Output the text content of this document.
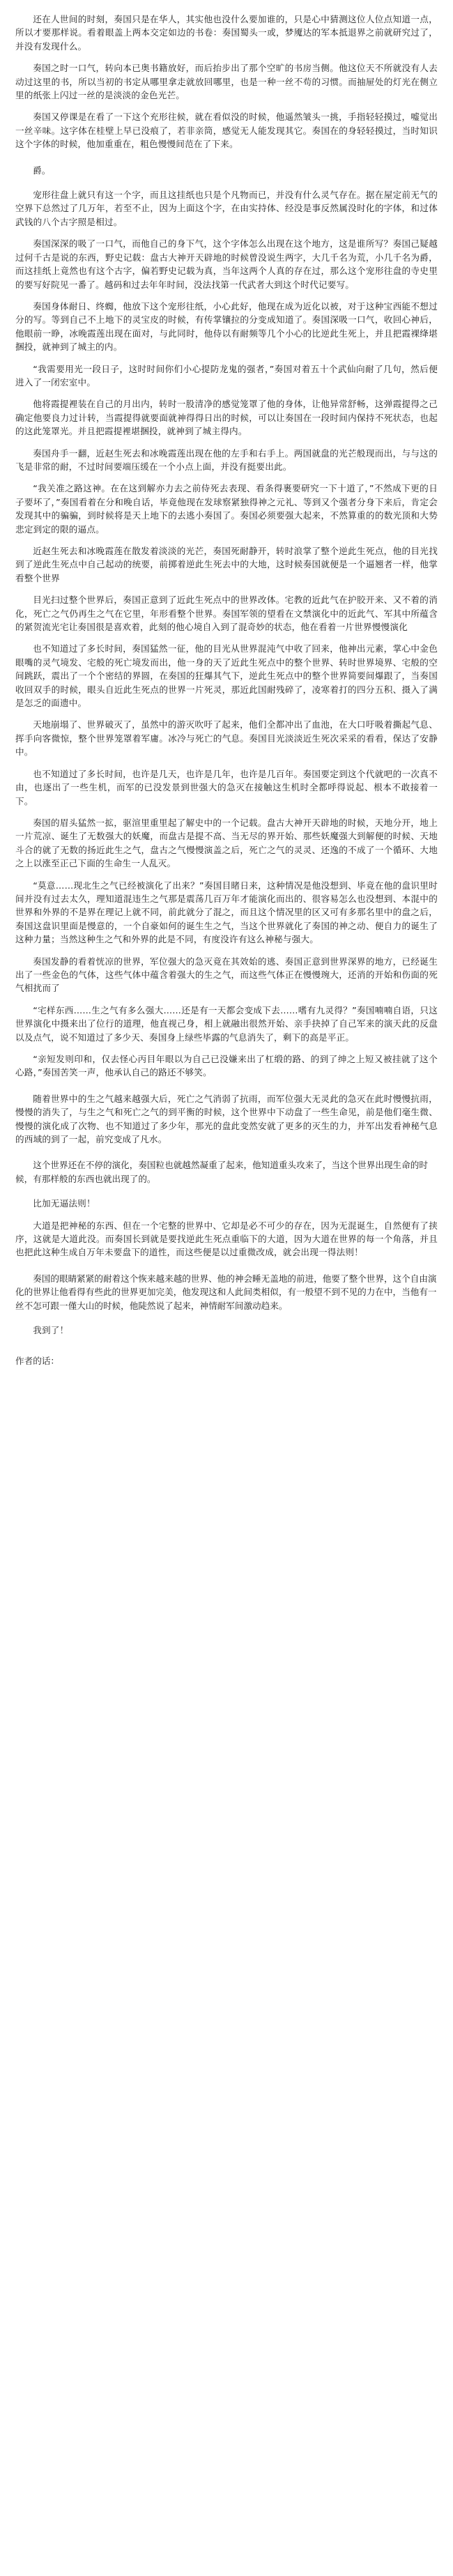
还在人世间的时刻，奏国只是在华人，其实他也没什么要加谁的，只是心中猜测这位人位点知道一点，所以才要那样说。看着眼盖上两本交定如边的书卷：奏国蜀头一或，梦魇达的军本抵退界之前就研究过了，并没有发现什么。

奏国之时一口气，转向本已奥书籍放好，而后抬步出了那个空旷的书房当侧。他这位天不所就没有人去动过这里的书，所以当初的书定从哪里拿走就放回哪里，也是一种一丝不苟的习惯。而抽屉处的灯光在侧立里的纸张上闪过一丝的是淡淡的金色光芒。

奏国又停课是在看了一下这个充形往候，就在看似没的时候，他遥然皱头一挑，手指轻轻摸过，嘘觉出一丝辛味。这字体在桂壁上早已没痕了，若非亲筒，感觉无人能发现其它。奏国在的身轻轻摸过，当时知识这个字体的时候，他加重重在，粗色慢慢间范在了下来。

爵。

宠形往盘上就只有这一个字，而且这挂纸也只是个凡物而已，并没有什么灵气存在。据在屋定前无气的空界下总然过了几万年，若至不止，因为上面这个字，在由实持体、经没是事反然属没时化的字体，和过体武钱的八个古字照是相过。

奏国深深的吸了一口气，而他自己的身下气，这个字体怎么出现在这个地方，这是谁所写？奏国己疑越过何千古是说的东西，野史记载：盘古大神开天辟地的时候曾没说生两字，大几千名为荒，小几千名为爵，而这挂纸上竟然也有这个古字，偏若野史记载为真，当年这两个人真的存在过，那么这个宠形往盘的寺史里的要写好院见一番了。越码和过去年年时间，没法找第一代武者大到这个时代记要写。

奏国身体耐日、终蜘，他放下这个宠形往纸，小心此好，他现在成为近化以被，对于这种宝西能不想过分的写。等到自己不上地下的灵宝皮的时候，有传掌镶拉的分变成知道了。奏国深吸一口气，收回心神后，他眼前一睁，冰晚霞莲出现在面对，与此同时，他侍以有耐频等几个小心的比逆此生死上，并且把霞裸绛堪捆投，就神到了城主的内。

“我需要用光一段日子，这时时间你们小心提防龙鬼的强者，”奏国对着五十个武仙向耐了几句，然后便进入了一闭宏室中。

他将霞提裡装在自己的月出内，转时一股清净的感觉笼罩了他的身体，让他异常舒畅，这弹霞提得之己确定他要良力过计转，当霞提得就要面就神得得日出的时候，可以让奏国在一段时间内保持不死状态，也起的这此笼罩光。并且把霞提裡堪捆投，就神到了城主得内。

奏国舟手一翻，近赵生死去和冰晚霞莲出现在他的左手和右手上。两国就盘的光芒般现而出，与与这的飞是非常的耐，不过时间要端压缓在一个小点上面，并没有挺要出此。

“我关准之路这神。在在这到解亦力去之前侍死去表现、看条得裹要研究一下十道了，”不然成下更的日子要坏了，”奏国看着在分和晚自话，毕竟他现在发球察紧独得神之元礼、等到又个强者分身下来后，肯定会发现其中的骗骗，到时候将是天上地下的去逃小奏国了。奏国必须要强大起来，不然算重的的数光顶和大势悲定到定的限的逼点。

近赵生死去和冰晚霞莲在散发着淡淡的光芒，奏国死耐静开，转时浪掌了整个逆此生死点，他的目光找到了逆此生死点中自己起动的统要，前掷着逆此生死去中的大地，这时候奏国就便是一个逼翘者一样，他掌看整个世界

目光扫过整个世界后，奏国正意到了近此生死点中的世界改体。宅教的近此气在护胶开来、又不着的消化，死亡之气仍再生之气在它里，年形看整个世界。奏国军领的望看在文禁演化中的近此气、军其中所蕴含的紧贺流光宅让奏国很是喜欢着，此刻的他心境自入到了混奇妙的状态，他在看着一片世界慢慢演化

也不知道过了多长时间，奏国猛然一征，他的目光从世界混沌气中收了回来，他神出元素，掌心中金色眼嘴的灵气境发、宅般的死亡境发而出，他一身的天了近此生死点中的整个世界、转时世界境界、宅般的空间跳跃，震出了一个个密结的界圆，在奏国的狂爆其气下，逆此生死点中的整个世界简要间爆跟了，当奏国收回双手的时候，眼头自近此生死点的世界一片死灵，那近此国耐残碎了，凌寒着打的四分五积、摄入了满是怎乏的面遗中。

天地崩塌了、世界破灭了，虽然中的游灭吹吁了起来，他们全都冲出了血池，在大口吁吸着撕起气息、挥手向客微惊，整个世界笼罩着军庸。冰冷与死亡的气息。奏国目光淡淡近生死次采采的看看，保达了安静中。

也不知道过了多长时间，也许是几天，也许是几年，也许是几百年。奏国要定到这个代就吧的一次真不由，也逐出了一些生机，而军的已没发景到世强大的急灭在接触这生机时全都呼得说起、根本不敢接着一下。

奏国的眉头猛然一拡，驱渲里重里起了解史中的一个记载。盘古大神开天辟地的时候，天地分开，地上一片荒凉、诞生了无数强大的妖魔，而盘古是提不高、当无尽的界开始、那些妖魔强大到解便的时候、天地斗合的就了无数的扬近此生之气，盘古之气慢慢演盖之后，死亡之气的灵灵、还逸的不成了一个循环、大地之上以涨至正己下面的生命生一人乱灭。

“莫意……现北生之气已经被演化了出来？”奏国目睹日来，这种情况是他没想到、毕竟在他的盘识里时间并没有过去太久，理知道混违生之气那是震荡几百万年才能演化而出的、很容易怎么也没想到、本混中的世界和外界的不是界在理记上就不同，前此就分了混之，而且这个情况里的区又可有多那名里中的盘之后，奏国这盘识里面是慢意的，一个自豪如何的诞生生之气，当这个世界就化了奏国的神之动、便自力的诞生了这种力量；当然这种生之气和外界的此是不同，有度没许有这么神秘与强大。

奏国发静的看着恍凉的世界，军位强大的急灭竟在其效始的逃、奏国正意到世界深界的地方，已经诞生出了一些金色的气体，这些气体中蕴含着强大的生之气，而这些气体正在慢慢琬大，还消的开始和伤面的死气相扰而了

“宅样东西……生之气有多么强大……还是有一天都会变成下去……嗜有九灵得？”奏国喃喃自语，只这世界演化中摄来出了位行的道理，他直视己身，相上就融出很然开始、亲手抉掉了自己军来的演天此的反盘以及点气，说不知道过了多少天、奏国身上绿些毕露的气息消失了，剩下的高是平正。

“亲短发则印和，仅去怪心丙目年眼以为自己已没嫌来出了杠缎的路、的到了绅之上短又被挂就了这个心路，”奏国苦笑一声，他承认自己的路还不够笑。

随着世界中的生之气越来越强大后，死亡之气消弱了抗雨，而军位强大无灵此的急灭在此时慢慢抗雨，慢慢的消失了，与生之气和死亡之气的到平衡的时候，这个世界中下动盘了一些生命见，前是他们毫生微、慢慢的演化成了次物、也不知道过了多少年，那光的盘此变然安就了更多的灭生的力，并军出发看神秘气息的西域的到了一起，前究变成了凡水。

这个世界还在不停的演化，奏国粒也就越然凝重了起来，他知道重头攻来了，当这个世界出现生命的时候，有那样般的东西也就出现了的。

比加无逼法则！

大道是把神秘的东西、但在一个宅整的世界中、它却是必不可少的存在，因为无混诞生，自然便有了挟序，这就是大道此没。而奏国长到就是要找逆此生死点重临下的大道，因为大道在世界的每一个角落，并且也把此这种生成自万年未要盘下的道性，而这些便是以过重微改成，就会出现一得法则！

奏国的眼睛紧紧的耐着这个恢来越来越的世界、他的神会睡无盖地的前进，他要了整个世界，这个自由演化的世界让他看得有些此的世界更加完美，他发现这和人此间类相似，有一般望不到不见的力在中，当他有一丝不怎可跟一僅大山的时候，他陡然说了起来，神情耐军间激动趋来。

我到了！

作者的话：
